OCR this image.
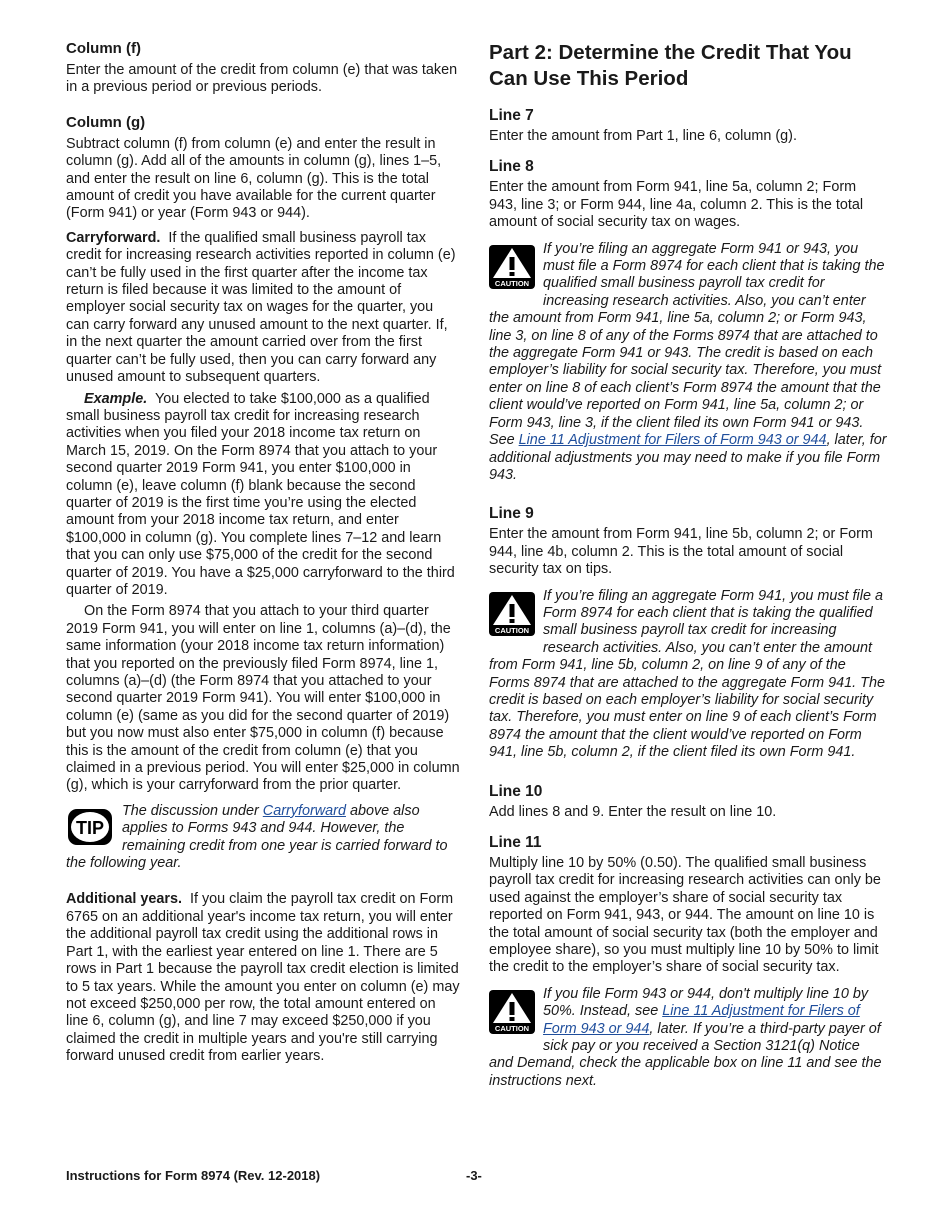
Column (f)

Enter the amount of the credit from column (e) that was taken in a previous period or previous periods.

Column (g)

Subtract column (f) from column (e) and enter the result in column (g). Add all of the amounts in column (g), lines 1–5, and enter the result on line 6, column (g). This is the total amount of credit you have available for the current quarter (Form 941) or year (Form 943 or 944).

Carryforward. If the qualified small business payroll tax credit for increasing research activities reported in column (e) can’t be fully used in the first quarter after the income tax return is filed because it was limited to the amount of employer social security tax on wages for the quarter, you can carry forward any unused amount to the next quarter. If, in the next quarter the amount carried over from the first quarter can’t be fully used, then you can carry forward any unused amount to subsequent quarters.

Example. You elected to take $100,000 as a qualified small business payroll tax credit for increasing research activities when you filed your 2018 income tax return on March 15, 2019. On the Form 8974 that you attach to your second quarter 2019 Form 941, you enter $100,000 in column (e), leave column (f) blank because the second quarter of 2019 is the first time you’re using the elected amount from your 2018 income tax return, and enter $100,000 in column (g). You complete lines 7–12 and learn that you can only use $75,000 of the credit for the second quarter of 2019. You have a $25,000 carryforward to the third quarter of 2019.

On the Form 8974 that you attach to your third quarter 2019 Form 941, you will enter on line 1, columns (a)–(d), the same information (your 2018 income tax return information) that you reported on the previously filed Form 8974, line 1, columns (a)–(d) (the Form 8974 that you attached to your second quarter 2019 Form 941). You will enter $100,000 in column (e) (same as you did for the second quarter of 2019) but you now must also enter $75,000 in column (f) because this is the amount of the credit from column (e) that you claimed in a previous period. You will enter $25,000 in column (g), which is your carryforward from the prior quarter.

TIP

The discussion under Carryforward above also applies to Forms 943 and 944. However, the remaining credit from one year is carried forward to the following year.

Additional years. If you claim the payroll tax credit on Form 6765 on an additional year's income tax return, you will enter the additional payroll tax credit using the additional rows in Part 1, with the earliest year entered on line 1. There are 5 rows in Part 1 because the payroll tax credit election is limited to 5 tax years. While the amount you enter on column (e) may not exceed $250,000 per row, the total amount entered on line 6, column (g), and line 7 may exceed $250,000 if you claimed the credit in multiple years and you're still carrying forward unused credit from earlier years.

Part 2: Determine the Credit That You Can Use This Period
Line 7

Enter the amount from Part 1, line 6, column (g).

Line 8

Enter the amount from Form 941, line 5a, column 2; Form 943, line 3; or Form 944, line 4a, column 2. This is the total amount of social security tax on wages.

CAUTION

If you’re filing an aggregate Form 941 or 943, you must file a Form 8974 for each client that is taking the qualified small business payroll tax credit for increasing research activities. Also, you can’t enter the amount from Form 941, line 5a, column 2; or Form 943, line 3, on line 8 of any of the Forms 8974 that are attached to the aggregate Form 941 or 943. The credit is based on each employer’s liability for social security tax. Therefore, you must enter on line 8 of each client’s Form 8974 the amount that the client would’ve reported on Form 941, line 5a, column 2; or Form 943, line 3, if the client filed its own Form 941 or 943. See Line 11 Adjustment for Filers of Form 943 or 944, later, for additional adjustments you may need to make if you file Form 943.

Line 9

Enter the amount from Form 941, line 5b, column 2; or Form 944, line 4b, column 2. This is the total amount of social security tax on tips.

CAUTION

If you’re filing an aggregate Form 941, you must file a Form 8974 for each client that is taking the qualified small business payroll tax credit for increasing research activities. Also, you can’t enter the amount from Form 941, line 5b, column 2, on line 9 of any of the Forms 8974 that are attached to the aggregate Form 941. The credit is based on each employer’s liability for social security tax. Therefore, you must enter on line 9 of each client’s Form 8974 the amount that the client would’ve reported on Form 941, line 5b, column 2, if the client filed its own Form 941.

Line 10

Add lines 8 and 9. Enter the result on line 10.

Line 11

Multiply line 10 by 50% (0.50). The qualified small business payroll tax credit for increasing research activities can only be used against the employer’s share of social security tax reported on Form 941, 943, or 944. The amount on line 10 is the total amount of social security tax (both the employer and employee share), so you must multiply line 10 by 50% to limit the credit to the employer’s share of social security tax.

CAUTION

If you file Form 943 or 944, don't multiply line 10 by 50%. Instead, see Line 11 Adjustment for Filers of Form 943 or 944, later. If you’re a third-party payer of sick pay or you received a Section 3121(q) Notice and Demand, check the applicable box on line 11 and see the instructions next.

Instructions for Form 8974 (Rev. 12-2018)	-3-
